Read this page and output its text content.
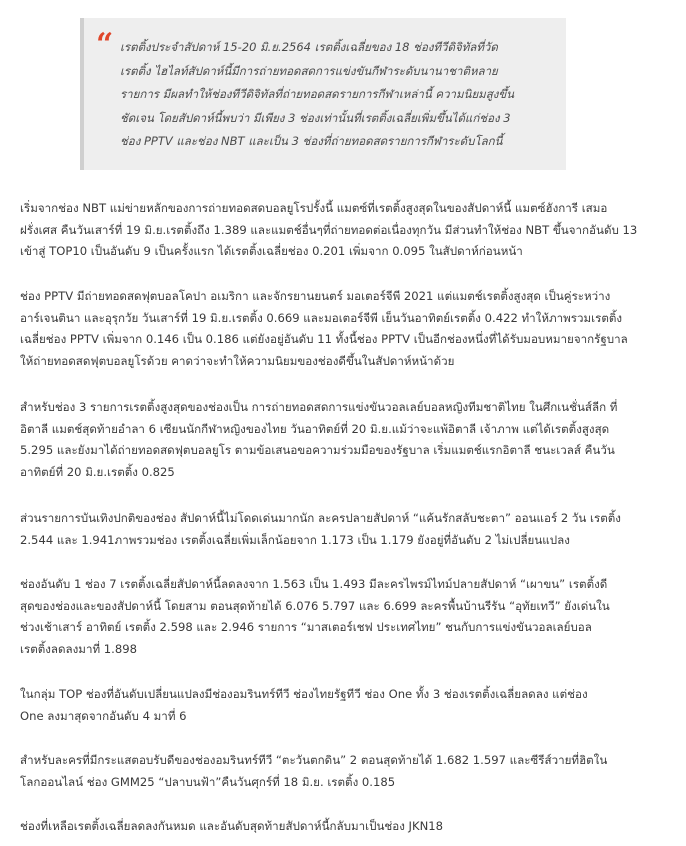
“ เรตติ้งประจำสัปดาห์ 15-20 มิ.ย.2564 เรตติ้งเฉลี่ยของ 18 ช่องทีวีดิจิทัลที่วัด
เรตติ้ง ไฮไลท์สัปดาห์นี้มีการถ่ายทอดสดการแข่งขันกีฬาระดับนานาชาติหลาย
รายการ มีผลทำให้ช่องทีวีดิจิทัลที่ถ่ายทอดสดรายการกีฬาเหล่านี้ ความนิยมสูงขึ้น
ชัดเจน โดยสัปดาห์นี้พบว่า มีเพียง 3 ช่องเท่านั้นที่เรตติ้งเฉลี่ยเพิ่มขึ้นได้แก่ช่อง 3
ช่อง PPTV และช่อง NBT และเป็น 3 ช่องที่ถ่ายทอดสดรายการกีฬาระดับโลกนี้
เริ่มจากช่อง NBT แม่ข่ายหลักของการถ่ายทอดสดบอลยูโรปรั้งนี้ แมตซ์ที่เรตติ้งสูงสุดในของสัปดาห์นี้ แมตซ์ฮังการี เสมอ
ฝรั่งเศส คืนวันเสาร์ที่ 19 มิ.ย.เรตติ้งถึง 1.389 และแมตช์อื่นๆที่ถ่ายทอดต่อเนื่องทุกวัน มีส่วนทำให้ช่อง NBT ขึ้นจากอันดับ 13
เข้าสู่ TOP10 เป็นอันดับ 9 เป็นครั้งแรก ได้เรตติ้งเฉลี่ยช่อง 0.201 เพิ่มจาก 0.095 ในสัปดาห์ก่อนหน้า
ช่อง PPTV มีถ่ายทอดสดฟุตบอลโคปา อเมริกา และจักรยานยนตร์ มอเตอร์จีพี 2021 แต่แมตช์เรตติ้งสูงสุด เป็นคู่ระหว่าง
อาร์เจนตินา และอุรุกวัย วันเสาร์ที่ 19 มิ.ย.เรตติ้ง 0.669 และมอเตอร์จีพี เย็นวันอาทิตย์เรตติ้ง 0.422 ทำให้ภาพรวมเรตติ้ง
เฉลี่ยช่อง PPTV เพิ่มจาก 0.146 เป็น 0.186 แต่ยังอยู่อันดับ 11 ทั้งนี้ช่อง PPTV เป็นอีกช่องหนึ่งที่ได้รับมอบหมายจากรัฐบาล
ให้ถ่ายทอดสดฟุตบอลยูโรด้วย คาดว่าจะทำให้ความนิยมของช่องดีขึ้นในสัปดาห์หน้าด้วย
สำหรับช่อง 3 รายการเรตติ้งสูงสุดของช่องเป็น การถ่ายทอดสดการแข่งขันวอลเลย์บอลหญิงทีมชาติไทย ในศึกเนชั่นส์ลีก ที่
อิตาลี แมตช์สุดท้ายอำลา 6 เซียนนักกีฬาหญิงของไทย วันอาทิตย์ที่ 20 มิ.ย.แม้ว่าจะแพ้อิตาลี เจ้าภาพ แต่ได้เรตติ้งสูงสุด
5.295 และยังมาได้ถ่ายทอดสดฟุตบอลยูโร ตามข้อเสนอขอความร่วมมือของรัฐบาล เริ่มแมตช์แรกอิตาลี ชนะเวลส์ คืนวัน
อาทิตย์ที่ 20 มิ.ย.เรตติ้ง 0.825
ส่วนรายการบันเทิงปกติของช่อง สัปดาห์นี้ไม่โดดเด่นมากนัก ละครปลายสัปดาห์ “แค้นรักสลับชะตา” ออนแอร์ 2 วัน เรตติ้ง
2.544 และ 1.941ภาพรวมช่อง เรตติ้งเฉลี่ยเพิ่มเล็กน้อยจาก 1.173 เป็น 1.179 ยังอยู่ที่อันดับ 2 ไม่เปลี่ยนแปลง
ช่องอันดับ 1 ช่อง 7 เรตติ้งเฉลี่ยสัปดาห์นี้ลดลงจาก 1.563 เป็น 1.493 มีละครไพรม์ไทม์ปลายสัปดาห์ “เผาขน” เรตติ้งดี
สุดของช่องและของสัปดาห์นี้ โดยสาม ตอนสุดท้ายได้ 6.076 5.797 และ 6.699 ละครพื้นบ้านรีรัน “อุทัยเทวี” ยังเด่นใน
ช่วงเช้าเสาร์ อาทิตย์ เรตติ้ง 2.598 และ 2.946 รายการ “มาสเตอร์เชฟ ประเทศไทย” ชนกับการแข่งขันวอลเลย์บอล
เรตติ้งลดลงมาที่ 1.898
ในกลุ่ม TOP ช่องที่อันดับเปลี่ยนแปลงมีช่องอมรินทร์ทีวี ช่องไทยรัฐทีวี ช่อง One ทั้ง 3 ช่องเรตติ้งเฉลี่ยลดลง แต่ช่อง
One ลงมาสุดจากอันดับ 4 มาที่ 6
สำหรับละครที่มีกระแสตอบรับดีของช่องอมรินทร์ทีวี “ตะวันตกดิน” 2 ตอนสุดท้ายได้ 1.682 1.597 และซีรีส์วายที่ฮิตใน
โลกออนไลน์ ช่อง GMM25 “ปลาบนฟ้า”คืนวันศุกร์ที่ 18 มิ.ย. เรตติ้ง 0.185
ช่องที่เหลือเรตติ้งเฉลี่ยลดลงกันหมด และอันดับสุดท้ายสัปดาห์นี้กลับมาเป็นช่อง JKN18
